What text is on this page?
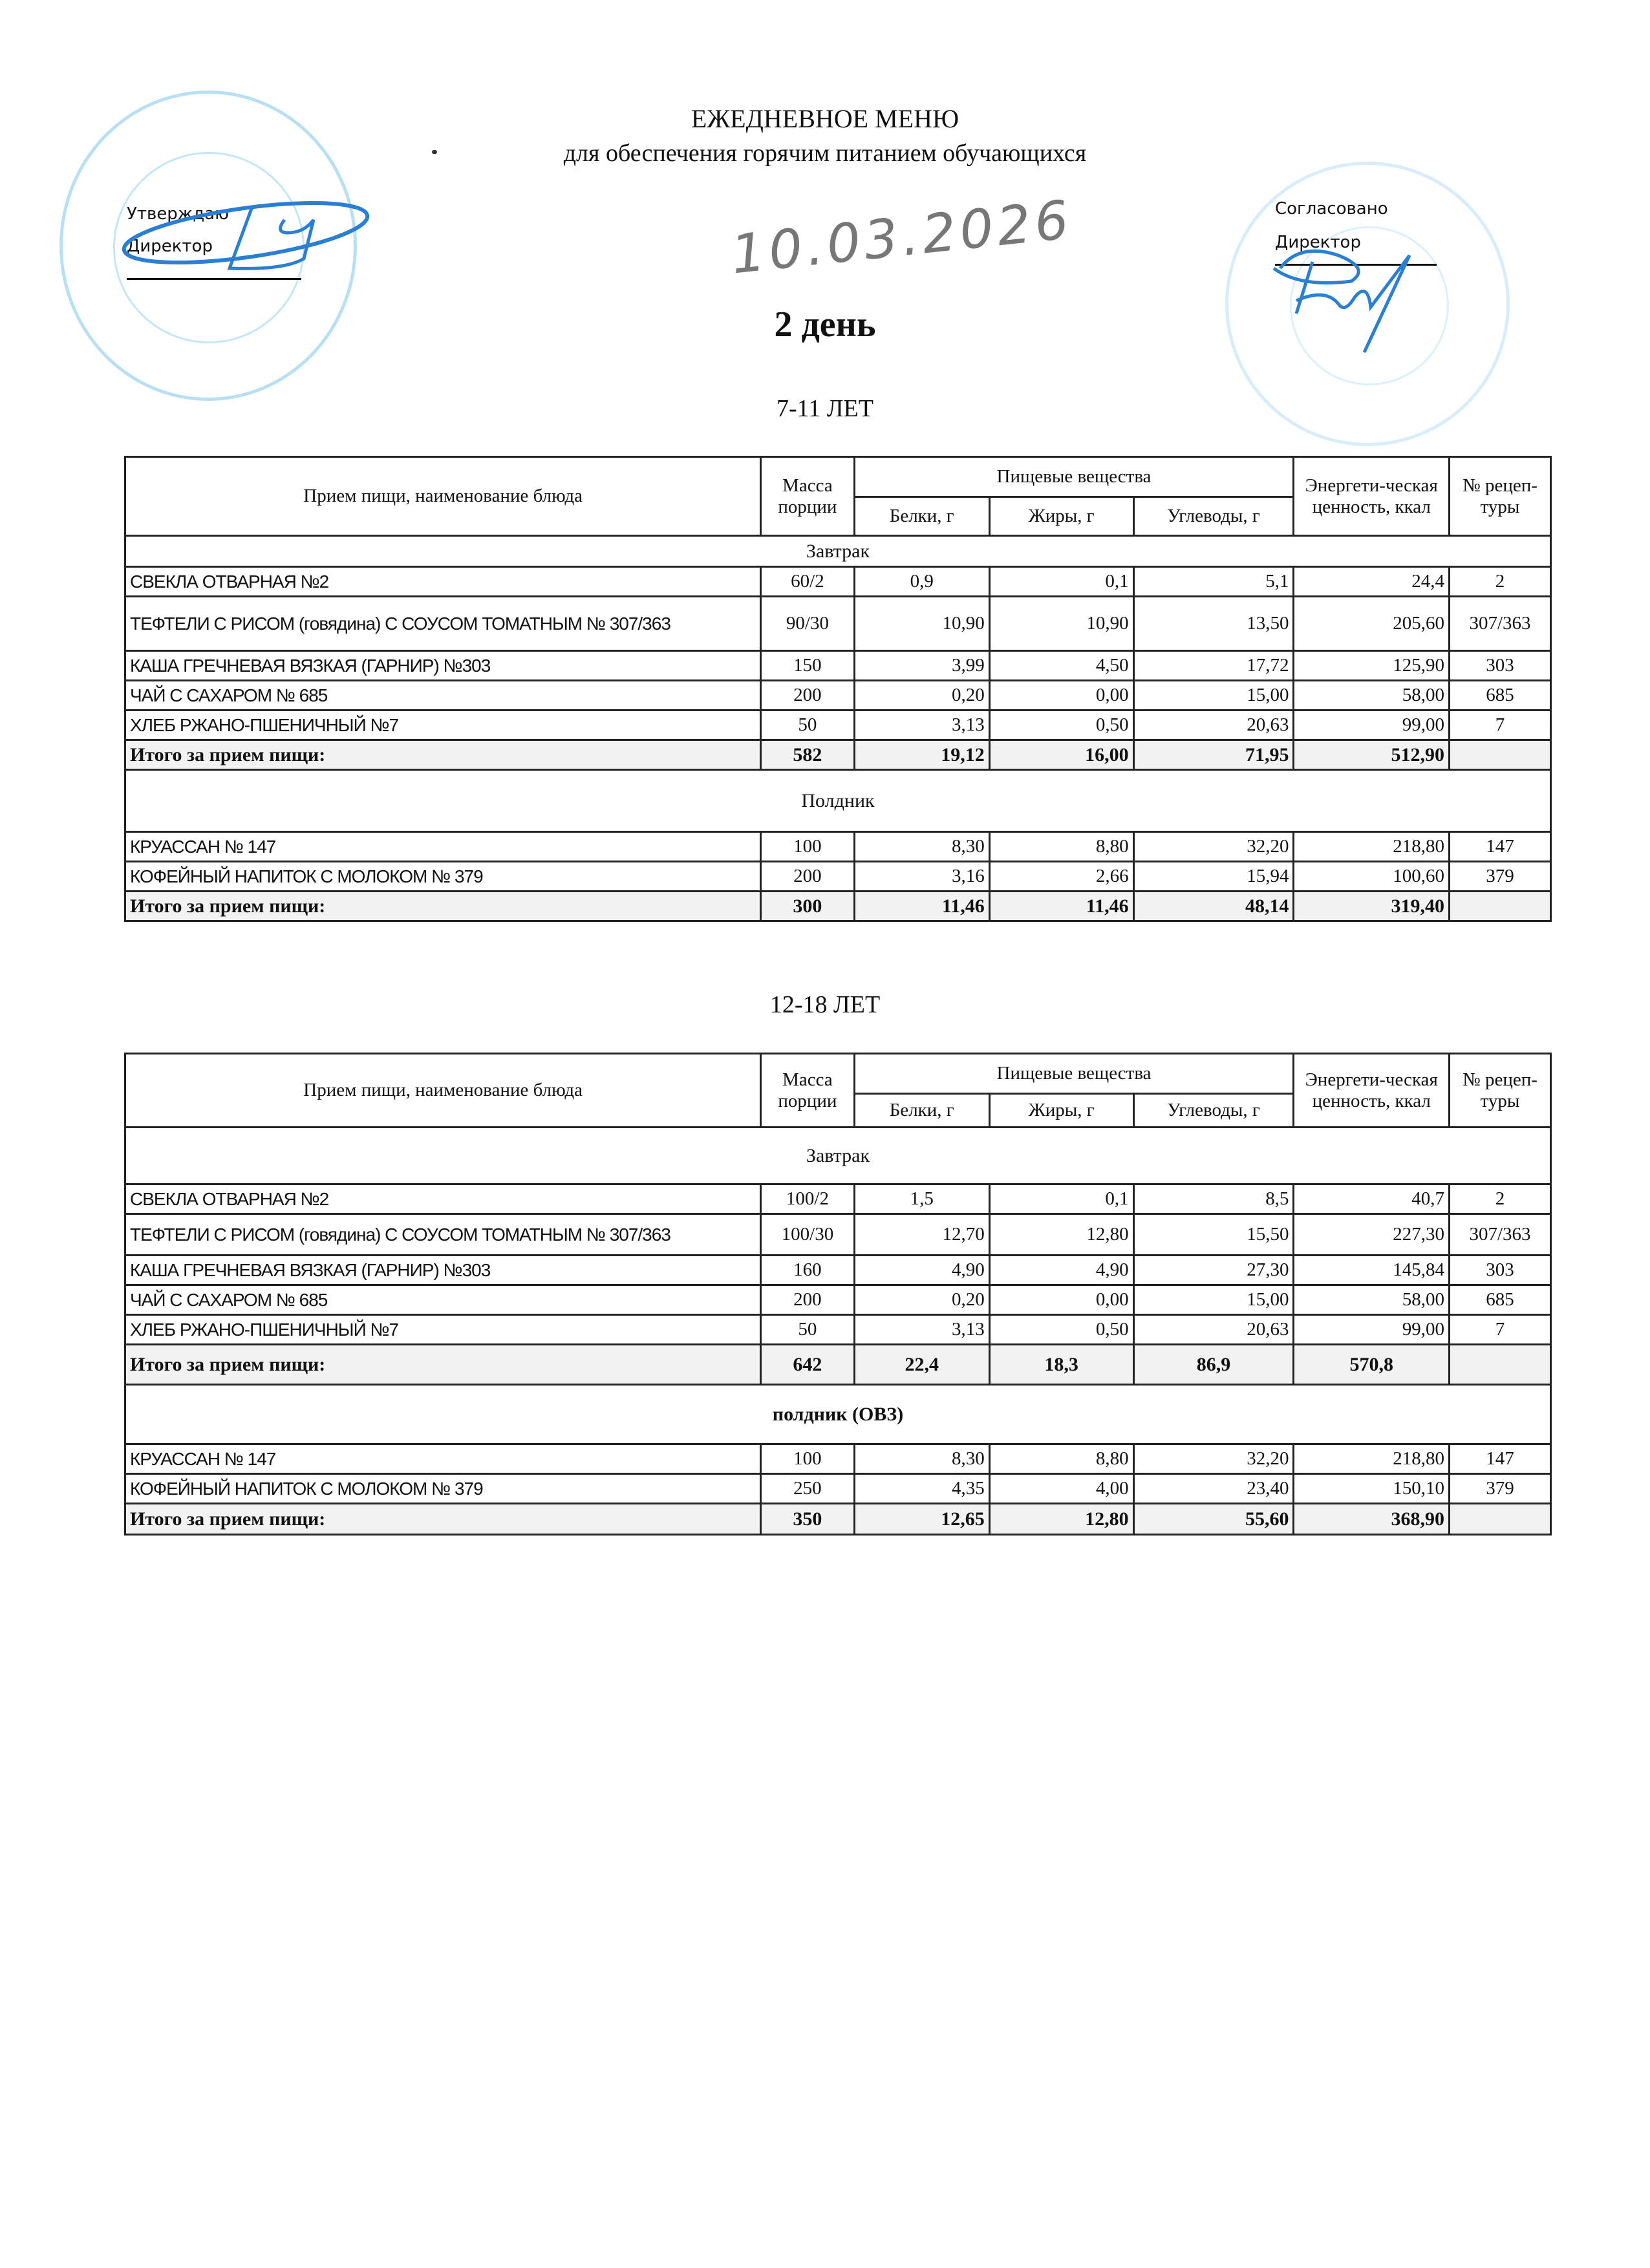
ЕЖЕДНЕВНОЕ МЕНЮ
для обеспечения горячим питанием обучающихся
Утверждаю
Директор	10.03.2026	Согласовано
Директор
2 день
7-11 ЛЕТ
Прием пищи, наименование блюда	Масса порции	Пищевые вещества			Энергети-ческая ценность, ккал	№ рецеп-туры
		Белки, г	Жиры, г	Углеводы, г		
Завтрак						
СВЕКЛА ОТВАРНАЯ №2	60/2	0,9	0,1	5,1	24,4	2
ТЕФТЕЛИ С РИСОМ (говядина) С СОУСОМ ТОМАТНЫМ № 307/363	90/30	10,90	10,90	13,50	205,60	307/363
КАША ГРЕЧНЕВАЯ ВЯЗКАЯ (ГАРНИР) №303	150	3,99	4,50	17,72	125,90	303
ЧАЙ С САХАРОМ № 685	200	0,20	0,00	15,00	58,00	685
ХЛЕБ РЖАНО-ПШЕНИЧНЫЙ №7	50	3,13	0,50	20,63	99,00	7
Итого за прием пищи:	582	19,12	16,00	71,95	512,90	
Полдник						
КРУАССАН № 147	100	8,30	8,80	32,20	218,80	147
КОФЕЙНЫЙ НАПИТОК С МОЛОКОМ № 379	200	3,16	2,66	15,94	100,60	379
Итого за прием пищи:	300	11,46	11,46	48,14	319,40	
12-18 ЛЕТ
Прием пищи, наименование блюда	Масса порции	Пищевые вещества			Энергети-ческая ценность, ккал	№ рецеп-туры
		Белки, г	Жиры, г	Углеводы, г		
Завтрак						
СВЕКЛА ОТВАРНАЯ №2	100/2	1,5	0,1	8,5	40,7	2
ТЕФТЕЛИ С РИСОМ (говядина) С СОУСОМ ТОМАТНЫМ № 307/363	100/30	12,70	12,80	15,50	227,30	307/363
КАША ГРЕЧНЕВАЯ ВЯЗКАЯ (ГАРНИР) №303	160	4,90	4,90	27,30	145,84	303
ЧАЙ С САХАРОМ № 685	200	0,20	0,00	15,00	58,00	685
ХЛЕБ РЖАНО-ПШЕНИЧНЫЙ №7	50	3,13	0,50	20,63	99,00	7
Итого за прием пищи:	642	22,4	18,3	86,9	570,8	
полдник (ОВЗ)						
КРУАССАН № 147	100	8,30	8,80	32,20	218,80	147
КОФЕЙНЫЙ НАПИТОК С МОЛОКОМ № 379	250	4,35	4,00	23,40	150,10	379
Итого за прием пищи:	350	12,65	12,80	55,60	368,90	
